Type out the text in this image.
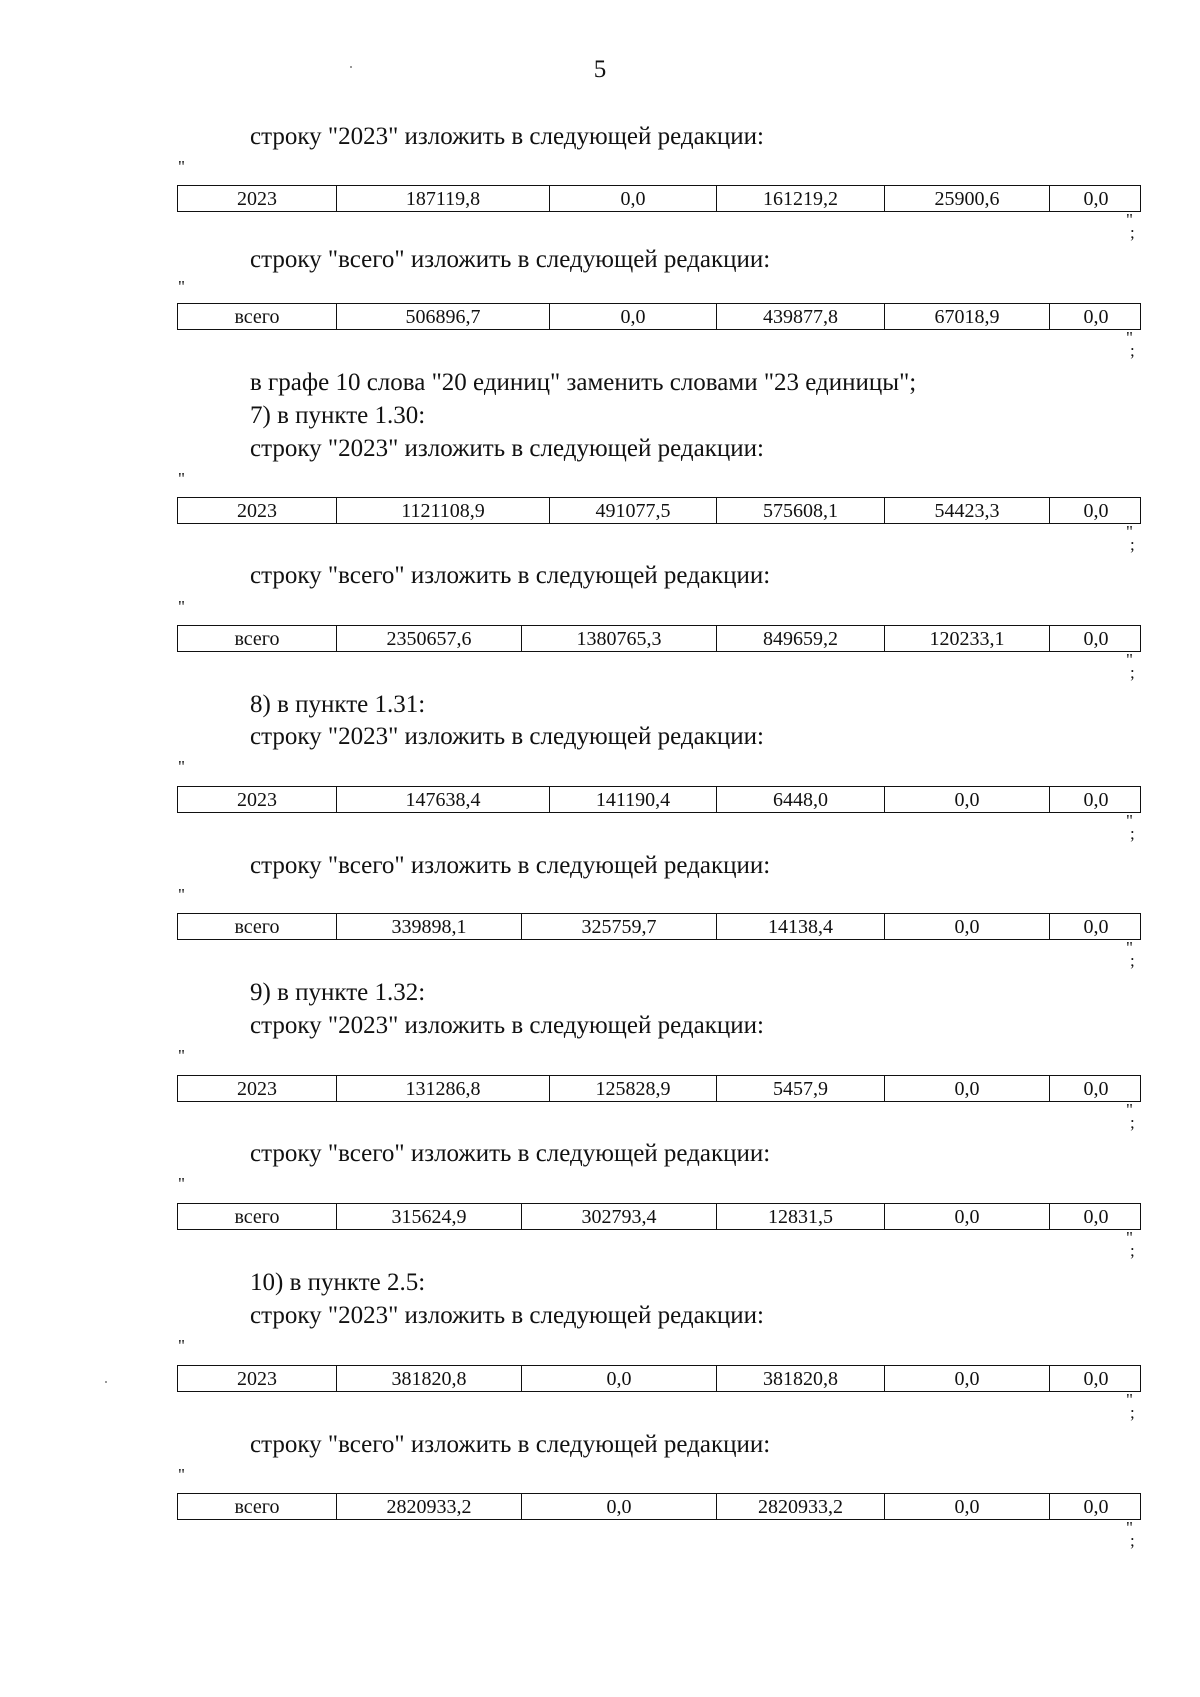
5
строку "2023" изложить в следующей редакции:
"
2023	187119,8	0,0	161219,2	25900,6	0,0
"
;
строку "всего" изложить в следующей редакции:
"
всего	506896,7	0,0	439877,8	67018,9	0,0
"
;
в графе 10 слова "20 единиц" заменить словами "23 единицы";
7) в пункте 1.30:
строку "2023" изложить в следующей редакции:
"
2023	1121108,9	491077,5	575608,1	54423,3	0,0
"
;
строку "всего" изложить в следующей редакции:
"
всего	2350657,6	1380765,3	849659,2	120233,1	0,0
"
;
8) в пункте 1.31:
строку "2023" изложить в следующей редакции:
"
2023	147638,4	141190,4	6448,0	0,0	0,0
"
;
строку "всего" изложить в следующей редакции:
"
всего	339898,1	325759,7	14138,4	0,0	0,0
"
;
9) в пункте 1.32:
строку "2023" изложить в следующей редакции:
"
2023	131286,8	125828,9	5457,9	0,0	0,0
"
;
строку "всего" изложить в следующей редакции:
"
всего	315624,9	302793,4	12831,5	0,0	0,0
"
;
10) в пункте 2.5:
строку "2023" изложить в следующей редакции:
"
2023	381820,8	0,0	381820,8	0,0	0,0
"
;
строку "всего" изложить в следующей редакции:
"
всего	2820933,2	0,0	2820933,2	0,0	0,0
"
;
